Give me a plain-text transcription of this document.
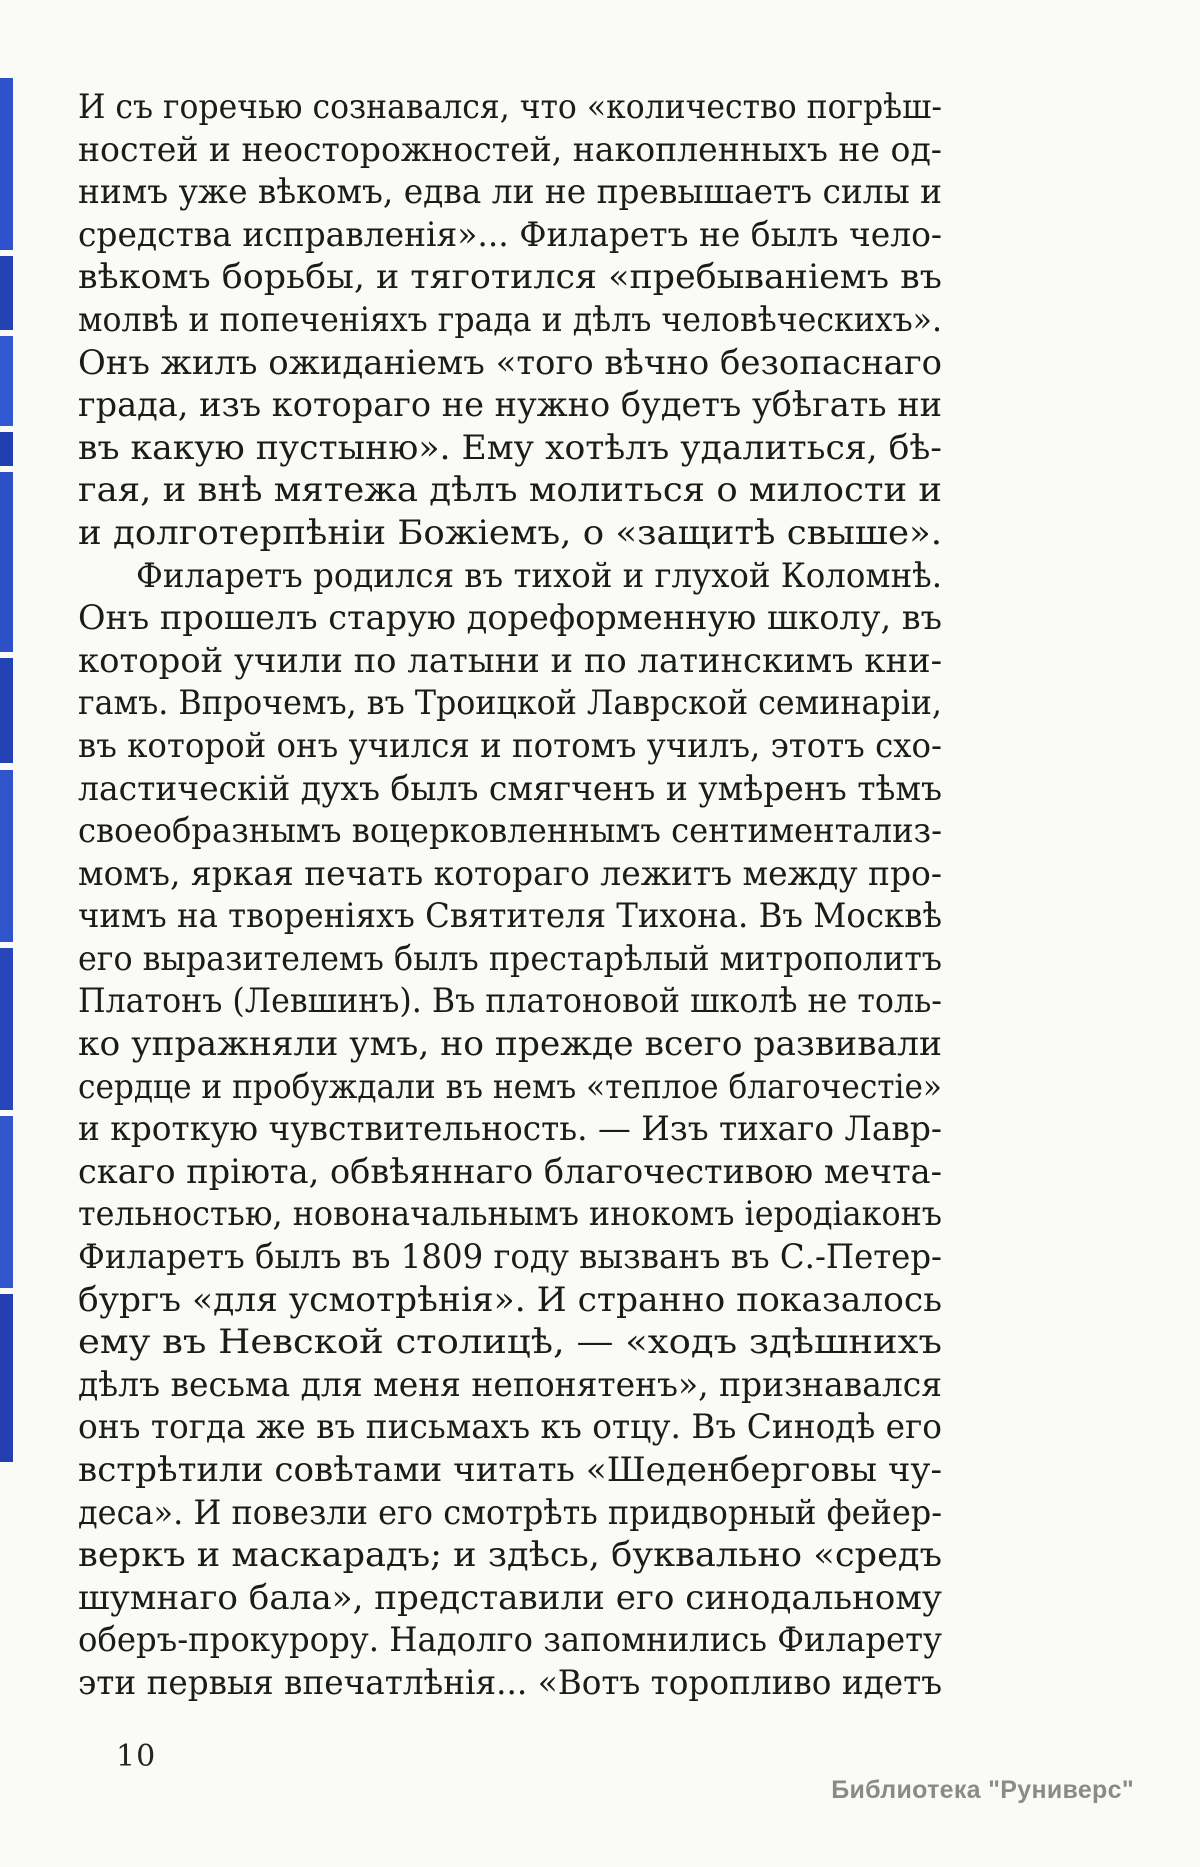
И съ горечью сознавался, что «количество погрѣш-
ностей и неосторожностей, накопленныхъ не од-
нимъ уже вѣкомъ, едва ли не превышаетъ силы и
средства исправленія»... Филаретъ не былъ чело-
вѣкомъ борьбы, и тяготился «пребываніемъ въ
молвѣ и попеченіяхъ града и дѣлъ человѣческихъ».
Онъ жилъ ожиданіемъ «того вѣчно безопаснаго
града, изъ котораго не нужно будетъ убѣгать ни
въ какую пустыню». Ему хотѣлъ удалиться, бѣ-
гая, и внѣ мятежа дѣлъ молиться о милости и
и долготерпѣніи Божіемъ, о «защитѣ свыше».
Филаретъ родился въ тихой и глухой Коломнѣ.
Онъ прошелъ старую дореформенную школу, въ
которой учили по латыни и по латинскимъ кни-
гамъ. Впрочемъ, въ Троицкой Лаврской семинаріи,
въ которой онъ учился и потомъ училъ, этотъ схо-
ластическій духъ былъ смягченъ и умѣренъ тѣмъ
своеобразнымъ воцерковленнымъ сентиментализ-
момъ, яркая печать котораго лежитъ между про-
чимъ на твореніяхъ Святителя Тихона. Въ Москвѣ
его выразителемъ былъ престарѣлый митрополитъ
Платонъ (Левшинъ). Въ платоновой школѣ не толь-
ко упражняли умъ, но прежде всего развивали
сердце и пробуждали въ немъ «теплое благочестіе»
и кроткую чувствительность. — Изъ тихаго Лавр-
скаго пріюта, обвѣяннаго благочестивою мечта-
тельностью, новоначальнымъ инокомъ іеродіаконъ
Филаретъ былъ въ 1809 году вызванъ въ С.-Петер-
бургъ «для усмотрѣнія». И странно показалось
ему въ Невской столицѣ, — «ходъ здѣшнихъ
дѣлъ весьма для меня непонятенъ», признавался
онъ тогда же въ письмахъ къ отцу. Въ Синодѣ его
встрѣтили совѣтами читать «Шеденберговы чу-
деса». И повезли его смотрѣть придворный фейер-
веркъ и маскарадъ; и здѣсь, буквально «средъ
шумнаго бала», представили его синодальному
оберъ-прокурору. Надолго запомнились Филарету
эти первыя впечатлѣнія... «Вотъ торопливо идетъ
10
Библиотека "Руниверс"
